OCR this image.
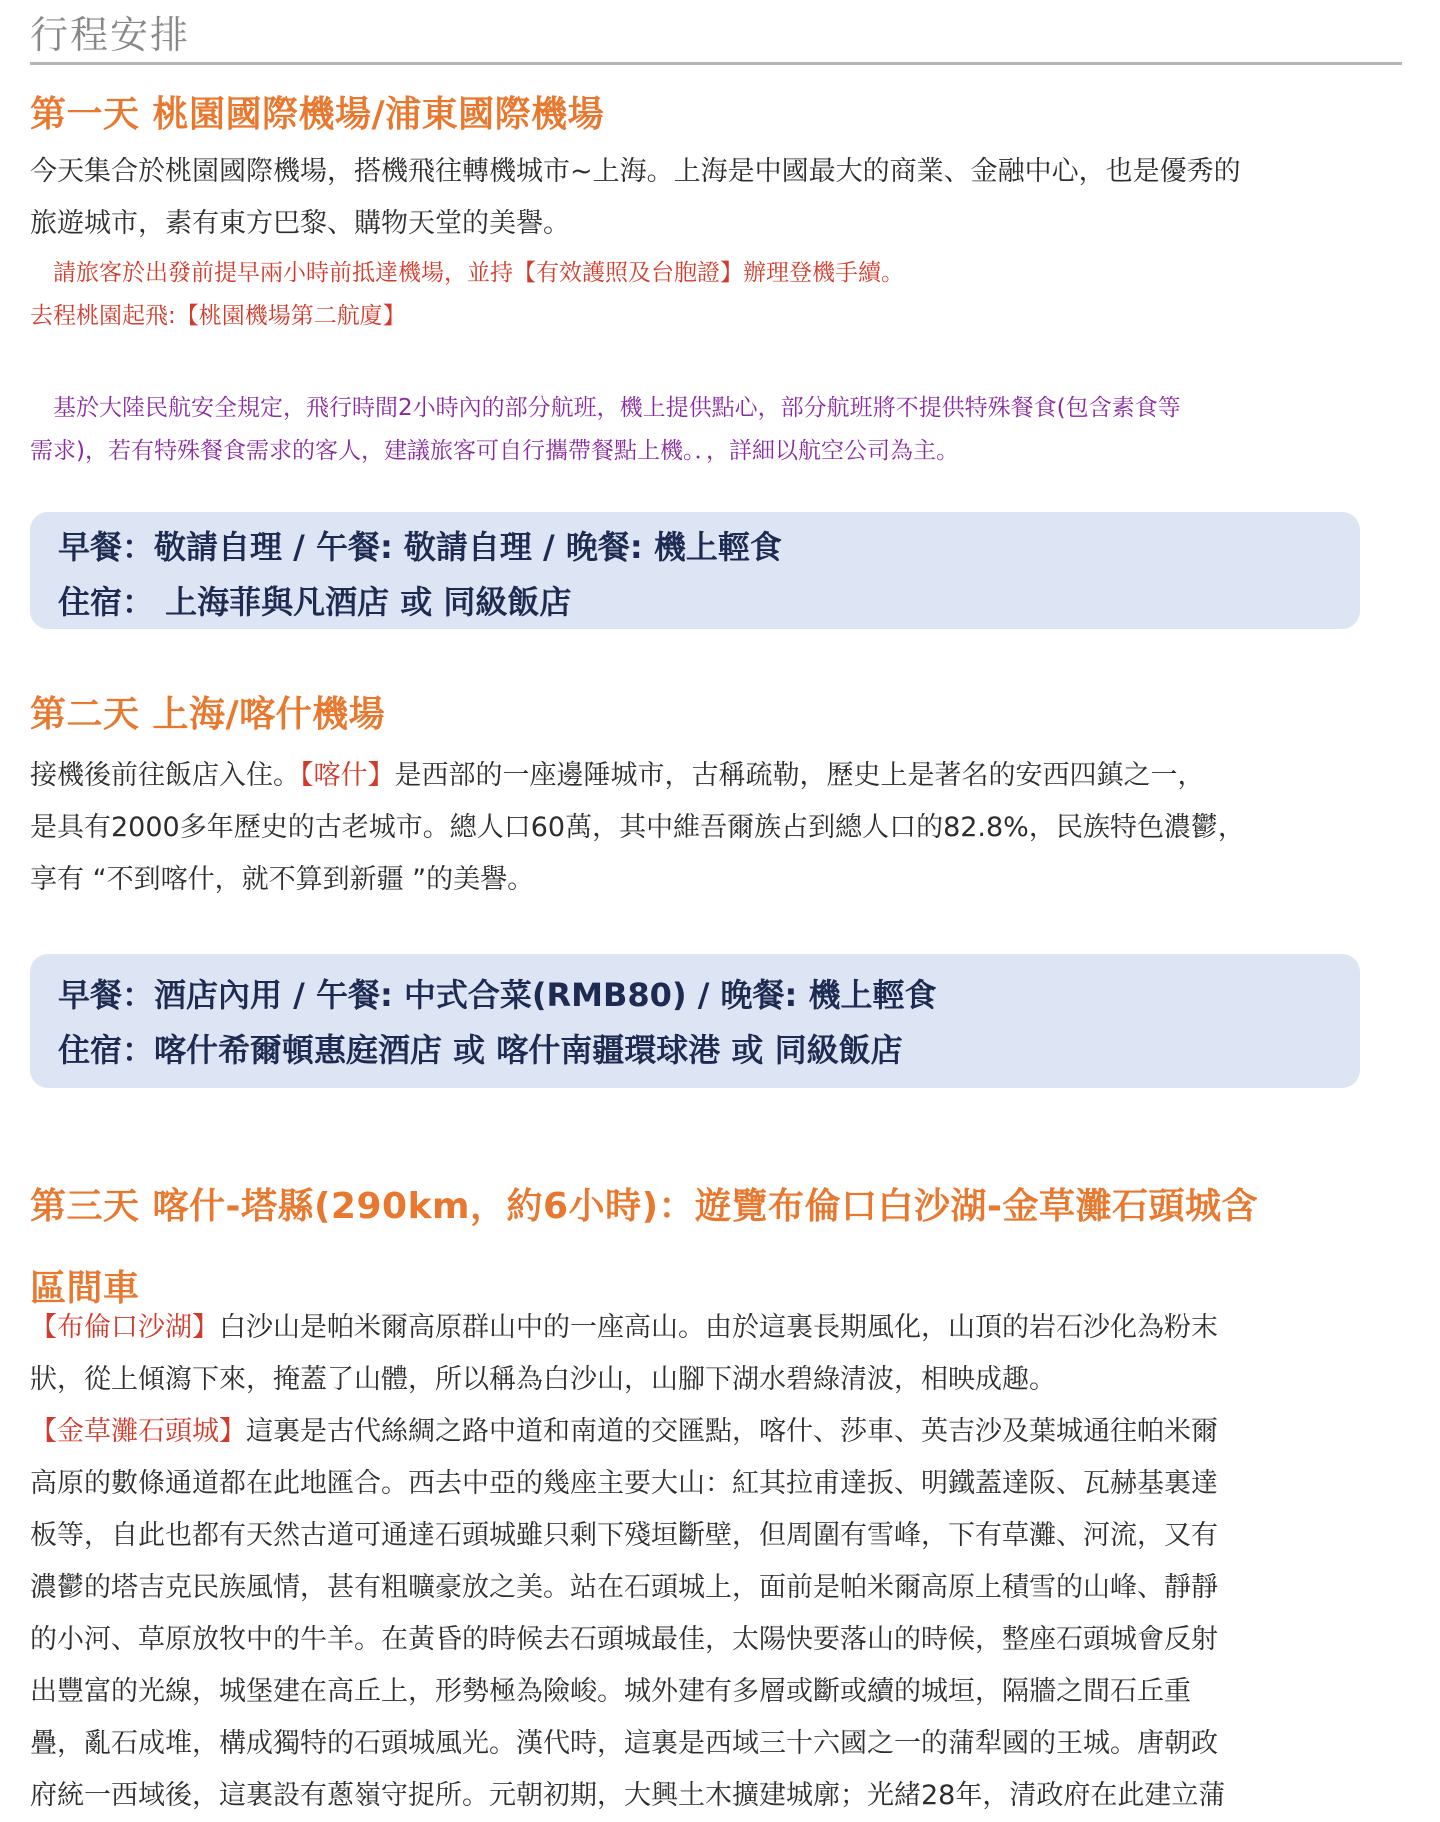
行程安排
第一天 桃園國際機場/浦東國際機場

今天集合於桃園國際機場，搭機飛往轉機城市~上海。上海是中國最大的商業、金融中心，也是優秀的
旅遊城市，素有東方巴黎、購物天堂的美譽。

　請旅客於出發前提早兩小時前抵達機場，並持【有效護照及台胞證】辦理登機手續。
去程桃園起飛:【桃園機場第二航廈】

　基於大陸民航安全規定，飛行時間2小時內的部分航班，機上提供點心，部分航班將不提供特殊餐食(包含素食等
需求)，若有特殊餐食需求的客人，建議旅客可自行攜帶餐點上機。．，詳細以航空公司為主。

早餐：敬請自理 / 午餐: 敬請自理 / 晚餐: 機上輕食

住宿： 上海菲與凡酒店 或 同級飯店

第二天 上海/喀什機場

接機後前往飯店入住。【喀什】是西部的一座邊陲城市，古稱疏勒，歷史上是著名的安西四鎮之一，
是具有2000多年歷史的古老城市。總人口60萬，其中維吾爾族占到總人口的82.8%，民族特色濃鬱，
享有 “不到喀什，就不算到新疆 ”的美譽。

早餐：酒店內用 / 午餐: 中式合菜(RMB80) / 晚餐: 機上輕食

住宿：喀什希爾頓惠庭酒店 或 喀什南疆環球港 或 同級飯店

第三天 喀什-塔縣(290km，約6小時)：遊覽布倫口白沙湖-金草灘石頭城含
區間車

【布倫口沙湖】白沙山是帕米爾高原群山中的一座高山。由於這裏長期風化，山頂的岩石沙化為粉末
狀，從上傾瀉下來，掩蓋了山體，所以稱為白沙山，山腳下湖水碧綠清波，相映成趣。

【金草灘石頭城】這裏是古代絲綢之路中道和南道的交匯點，喀什、莎車、英吉沙及葉城通往帕米爾
高原的數條通道都在此地匯合。西去中亞的幾座主要大山：紅其拉甫達扳、明鐵蓋達阪、瓦赫基裏達
板等，自此也都有天然古道可通達石頭城雖只剩下殘垣斷壁，但周圍有雪峰，下有草灘、河流，又有
濃鬱的塔吉克民族風情，甚有粗曠豪放之美。站在石頭城上，面前是帕米爾高原上積雪的山峰、靜靜
的小河、草原放牧中的牛羊。在黃昏的時候去石頭城最佳，太陽快要落山的時候，整座石頭城會反射
出豐富的光線，城堡建在高丘上，形勢極為險峻。城外建有多層或斷或續的城垣，隔牆之間石丘重
疊，亂石成堆，構成獨特的石頭城風光。漢代時，這裏是西域三十六國之一的蒲犁國的王城。唐朝政
府統一西域後，這裏設有蔥嶺守捉所。元朝初期，大興土木擴建城廓；光緒28年，清政府在此建立蒲
